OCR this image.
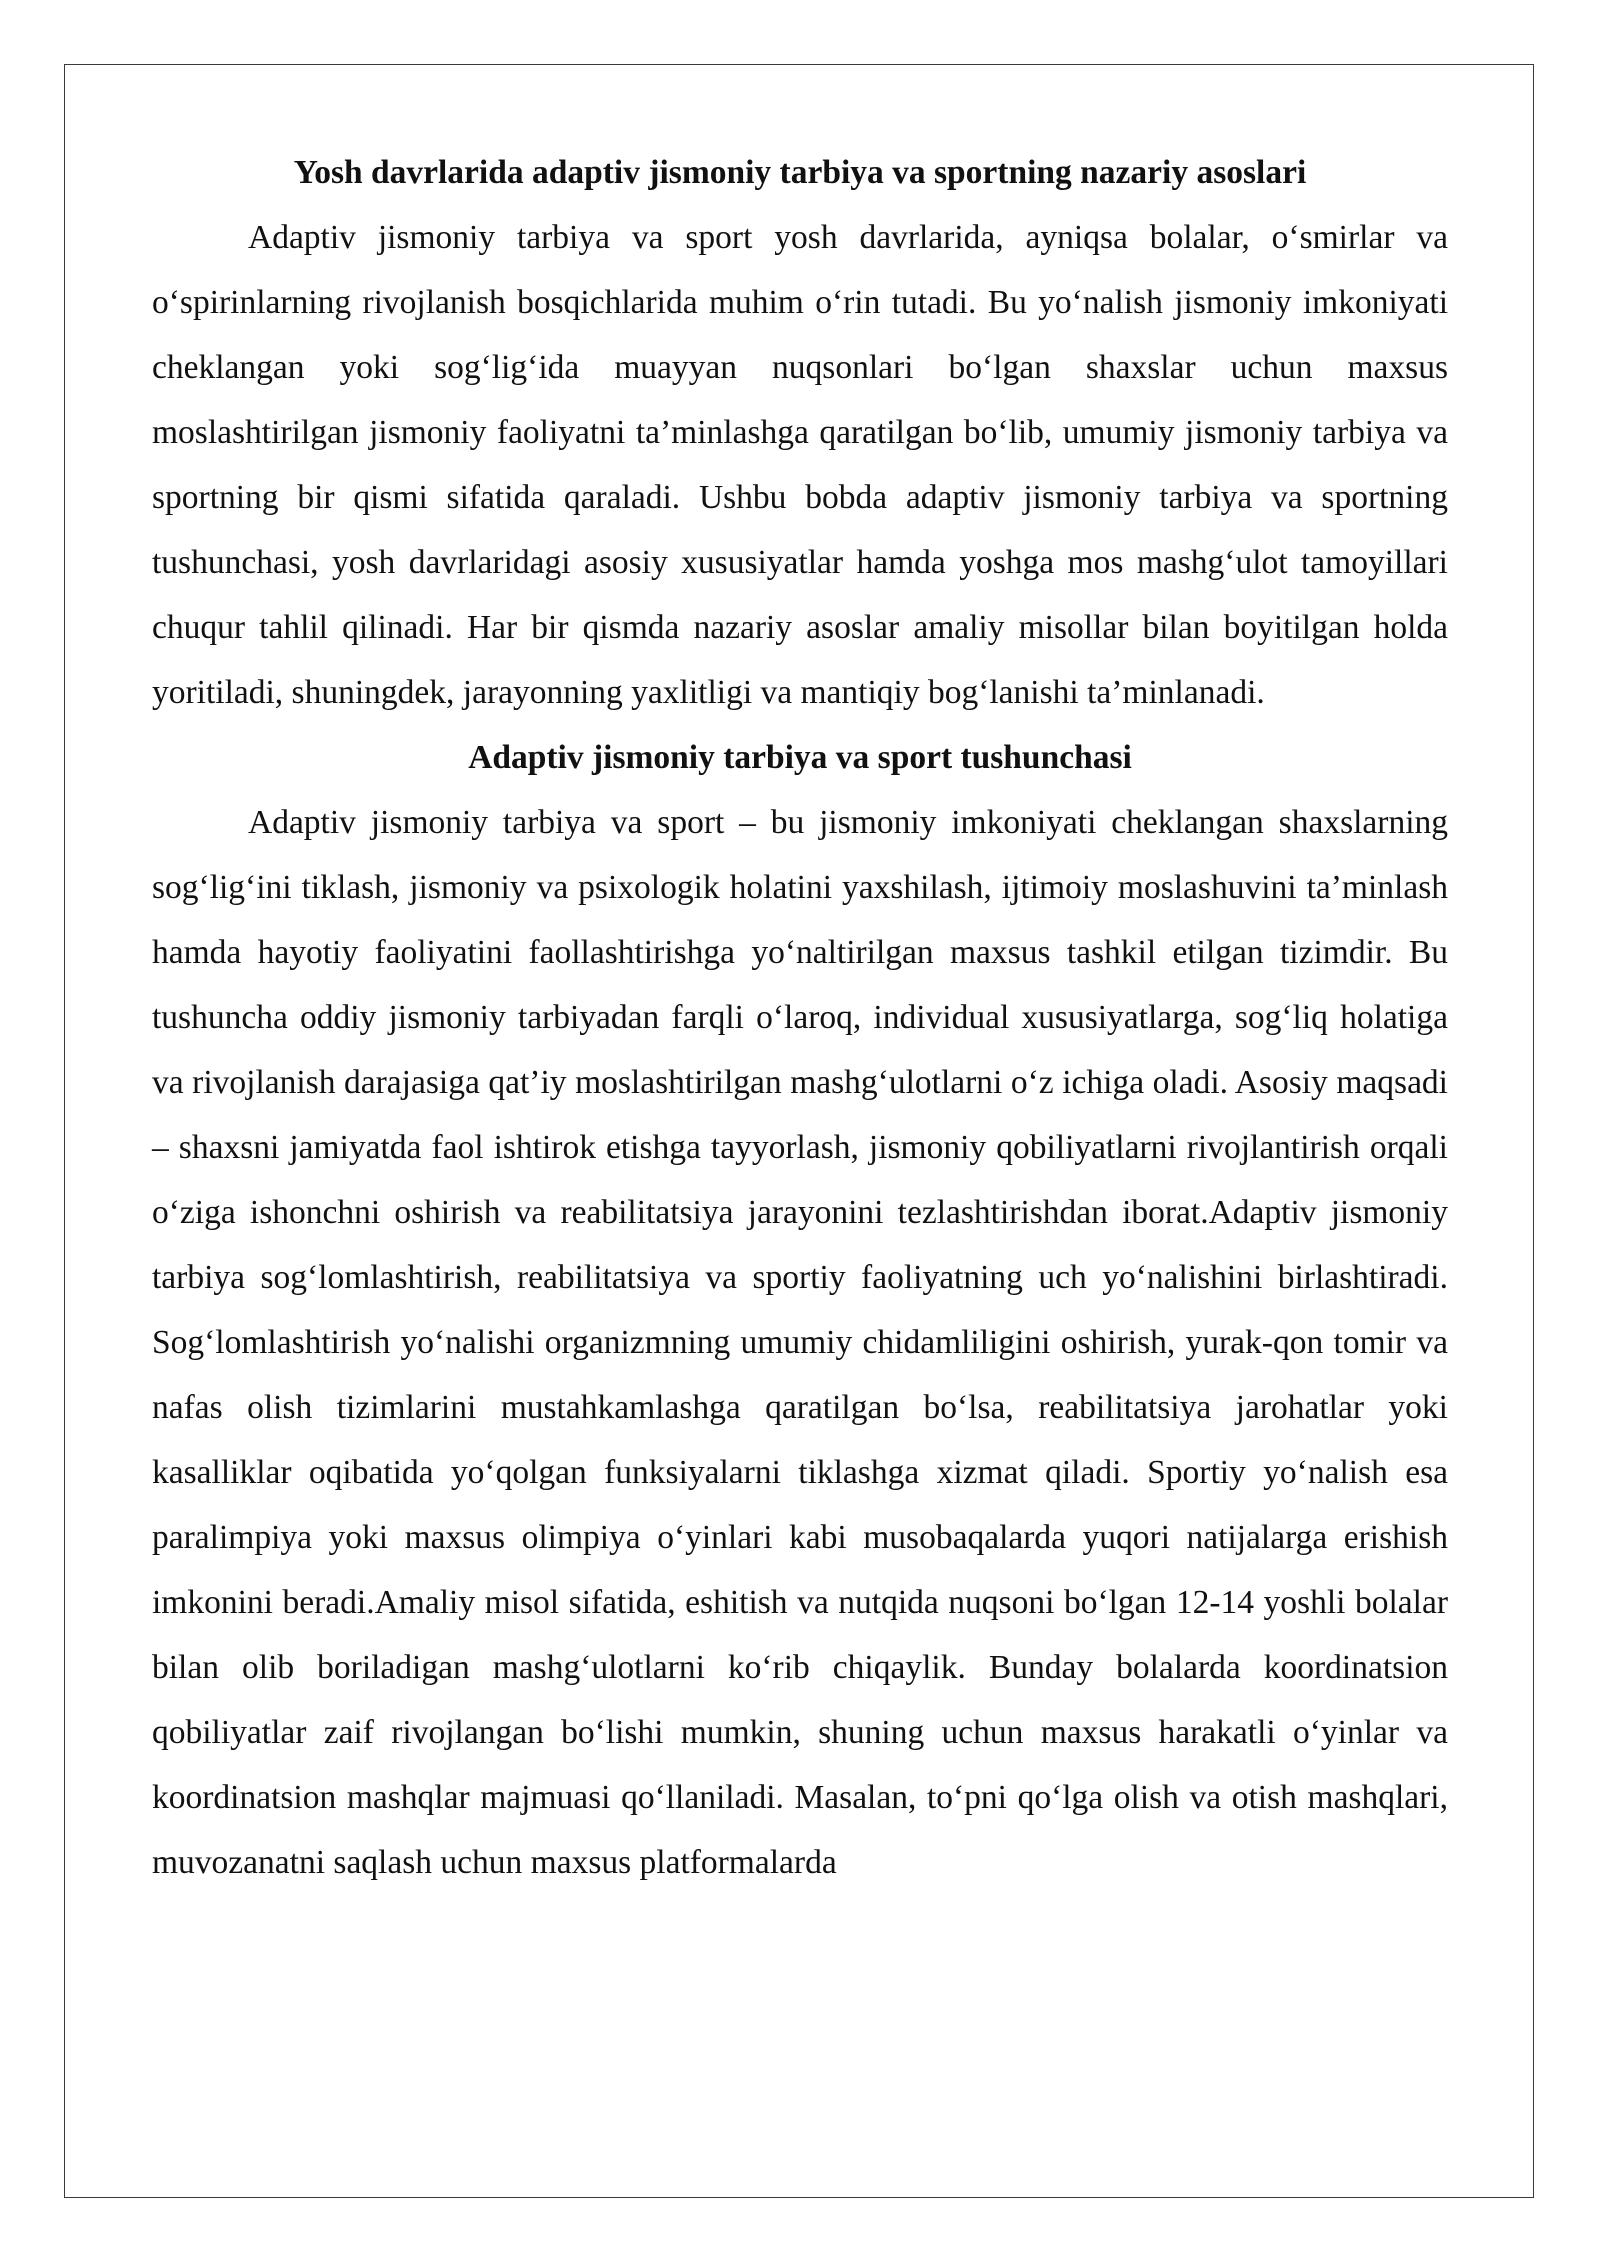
Yosh davrlarida adaptiv jismoniy tarbiya va sportning nazariy asoslari

Adaptiv jismoniy tarbiya va sport yosh davrlarida, ayniqsa bolalar, o‘smirlar va o‘spirinlarning rivojlanish bosqichlarida muhim o‘rin tutadi. Bu yo‘nalish jismoniy imkoniyati cheklangan yoki sog‘lig‘ida muayyan nuqsonlari bo‘lgan shaxslar uchun maxsus moslashtirilgan jismoniy faoliyatni ta’minlashga qaratilgan bo‘lib, umumiy jismoniy tarbiya va sportning bir qismi sifatida qaraladi. Ushbu bobda adaptiv jismoniy tarbiya va sportning tushunchasi, yosh davrlaridagi asosiy xususiyatlar hamda yoshga mos mashg‘ulot tamoyillari chuqur tahlil qilinadi. Har bir qismda nazariy asoslar amaliy misollar bilan boyitilgan holda yoritiladi, shuningdek, jarayonning yaxlitligi va mantiqiy bog‘lanishi ta’minlanadi.

Adaptiv jismoniy tarbiya va sport tushunchasi

Adaptiv jismoniy tarbiya va sport – bu jismoniy imkoniyati cheklangan shaxslarning sog‘lig‘ini tiklash, jismoniy va psixologik holatini yaxshilash, ijtimoiy moslashuvini ta’minlash hamda hayotiy faoliyatini faollashtirishga yo‘naltirilgan maxsus tashkil etilgan tizimdir. Bu tushuncha oddiy jismoniy tarbiyadan farqli o‘laroq, individual xususiyatlarga, sog‘liq holatiga va rivojlanish darajasiga qat’iy moslashtirilgan mashg‘ulotlarni o‘z ichiga oladi. Asosiy maqsadi – shaxsni jamiyatda faol ishtirok etishga tayyorlash, jismoniy qobiliyatlarni rivojlantirish orqali o‘ziga ishonchni oshirish va reabilitatsiya jarayonini tezlashtirishdan iborat.Adaptiv jismoniy tarbiya sog‘lomlashtirish, reabilitatsiya va sportiy faoliyatning uch yo‘nalishini birlashtiradi. Sog‘lomlashtirish yo‘nalishi organizmning umumiy chidamliligini oshirish, yurak-qon tomir va nafas olish tizimlarini mustahkamlashga qaratilgan bo‘lsa, reabilitatsiya jarohatlar yoki kasalliklar oqibatida yo‘qolgan funksiyalarni tiklashga xizmat qiladi. Sportiy yo‘nalish esa paralimpiya yoki maxsus olimpiya o‘yinlari kabi musobaqalarda yuqori natijalarga erishish imkonini beradi.Amaliy misol sifatida, eshitish va nutqida nuqsoni bo‘lgan 12-14 yoshli bolalar bilan olib boriladigan mashg‘ulotlarni ko‘rib chiqaylik. Bunday bolalarda koordinatsion qobiliyatlar zaif rivojlangan bo‘lishi mumkin, shuning uchun maxsus harakatli o‘yinlar va koordinatsion mashqlar majmuasi qo‘llaniladi. Masalan, to‘pni qo‘lga olish va otish mashqlari, muvozanatni saqlash uchun maxsus platformalarda
